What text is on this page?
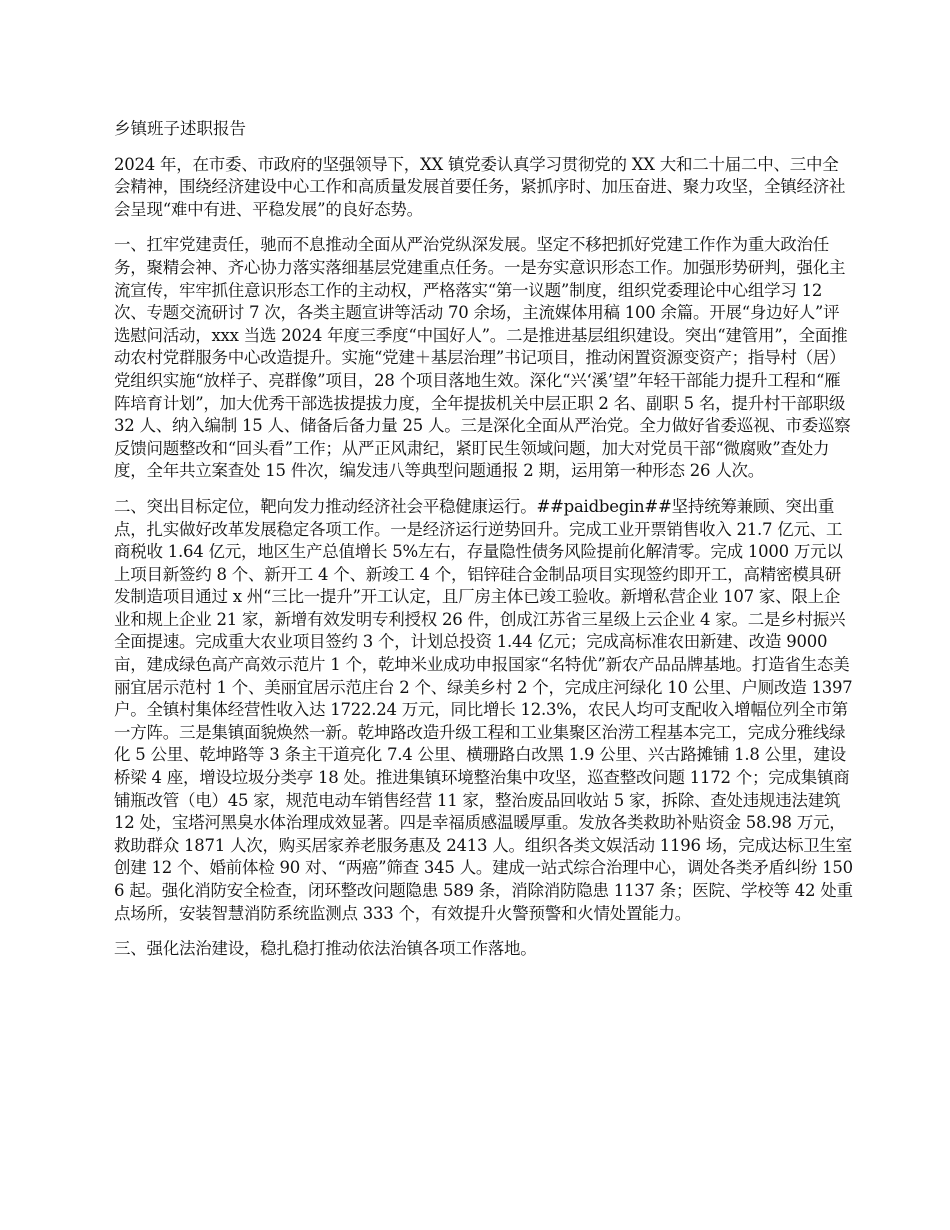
乡镇班子述职报告

2024 年，在市委、市政府的坚强领导下，XX 镇党委认真学习贯彻党的 XX 大和二十届二中、三中全会精神，围绕经济建设中心工作和高质量发展首要任务，紧抓序时、加压奋进、聚力攻坚，全镇经济社会呈现“难中有进、平稳发展”的良好态势。

一、扛牢党建责任，驰而不息推动全面从严治党纵深发展。坚定不移把抓好党建工作作为重大政治任务，聚精会神、齐心协力落实落细基层党建重点任务。一是夯实意识形态工作。加强形势研判，强化主流宣传，牢牢抓住意识形态工作的主动权，严格落实“第一议题”制度，组织党委理论中心组学习 12 次、专题交流研讨 7 次，各类主题宣讲等活动 70 余场，主流媒体用稿 100 余篇。开展“身边好人”评选慰问活动，xxx 当选 2024 年度三季度“中国好人”。二是推进基层组织建设。突出“建管用”，全面推动农村党群服务中心改造提升。实施“党建＋基层治理”书记项目，推动闲置资源变资产；指导村（居）党组织实施“放样子、亮群像”项目，28 个项目落地生效。深化“兴‘溪’望”年轻干部能力提升工程和“雁阵培育计划”，加大优秀干部选拔提拔力度，全年提拔机关中层正职 2 名、副职 5 名，提升村干部职级 32 人、纳入编制 15 人、储备后备力量 25 人。三是深化全面从严治党。全力做好省委巡视、市委巡察反馈问题整改和“回头看”工作；从严正风肃纪，紧盯民生领域问题，加大对党员干部“微腐败”查处力度，全年共立案查处 15 件次，编发违八等典型问题通报 2 期，运用第一种形态 26 人次。

二、突出目标定位，靶向发力推动经济社会平稳健康运行。##paidbegin##坚持统筹兼顾、突出重点，扎实做好改革发展稳定各项工作。一是经济运行逆势回升。完成工业开票销售收入 21.7 亿元、工商税收 1.64 亿元，地区生产总值增长 5%左右，存量隐性债务风险提前化解清零。完成 1000 万元以上项目新签约 8 个、新开工 4 个、新竣工 4 个，铝锌硅合金制品项目实现签约即开工，高精密模具研发制造项目通过 x 州“三比一提升”开工认定，且厂房主体已竣工验收。新增私营企业 107 家、限上企业和规上企业 21 家，新增有效发明专利授权 26 件，创成江苏省三星级上云企业 4 家。二是乡村振兴全面提速。完成重大农业项目签约 3 个，计划总投资 1.44 亿元；完成高标准农田新建、改造 9000 亩，建成绿色高产高效示范片 1 个，乾坤米业成功申报国家“名特优”新农产品品牌基地。打造省生态美丽宜居示范村 1 个、美丽宜居示范庄台 2 个、绿美乡村 2 个，完成庄河绿化 10 公里、户厕改造 1397 户。全镇村集体经营性收入达 1722.24 万元，同比增长 12.3%，农民人均可支配收入增幅位列全市第一方阵。三是集镇面貌焕然一新。乾坤路改造升级工程和工业集聚区治涝工程基本完工，完成分雅线绿化 5 公里、乾坤路等 3 条主干道亮化 7.4 公里、横珊路白改黑 1.9 公里、兴古路摊铺 1.8 公里，建设桥梁 4 座，增设垃圾分类亭 18 处。推进集镇环境整治集中攻坚，巡查整改问题 1172 个；完成集镇商铺瓶改管（电）45 家，规范电动车销售经营 11 家，整治废品回收站 5 家，拆除、查处违规违法建筑 12 处，宝塔河黑臭水体治理成效显著。四是幸福质感温暖厚重。发放各类救助补贴资金 58.98 万元，救助群众 1871 人次，购买居家养老服务惠及 2413 人。组织各类文娱活动 1196 场，完成达标卫生室创建 12 个、婚前体检 90 对、“两癌”筛查 345 人。建成一站式综合治理中心，调处各类矛盾纠纷 1506 起。强化消防安全检查，闭环整改问题隐患 589 条，消除消防隐患 1137 条；医院、学校等 42 处重点场所，安装智慧消防系统监测点 333 个，有效提升火警预警和火情处置能力。

三、强化法治建设，稳扎稳打推动依法治镇各项工作落地。
